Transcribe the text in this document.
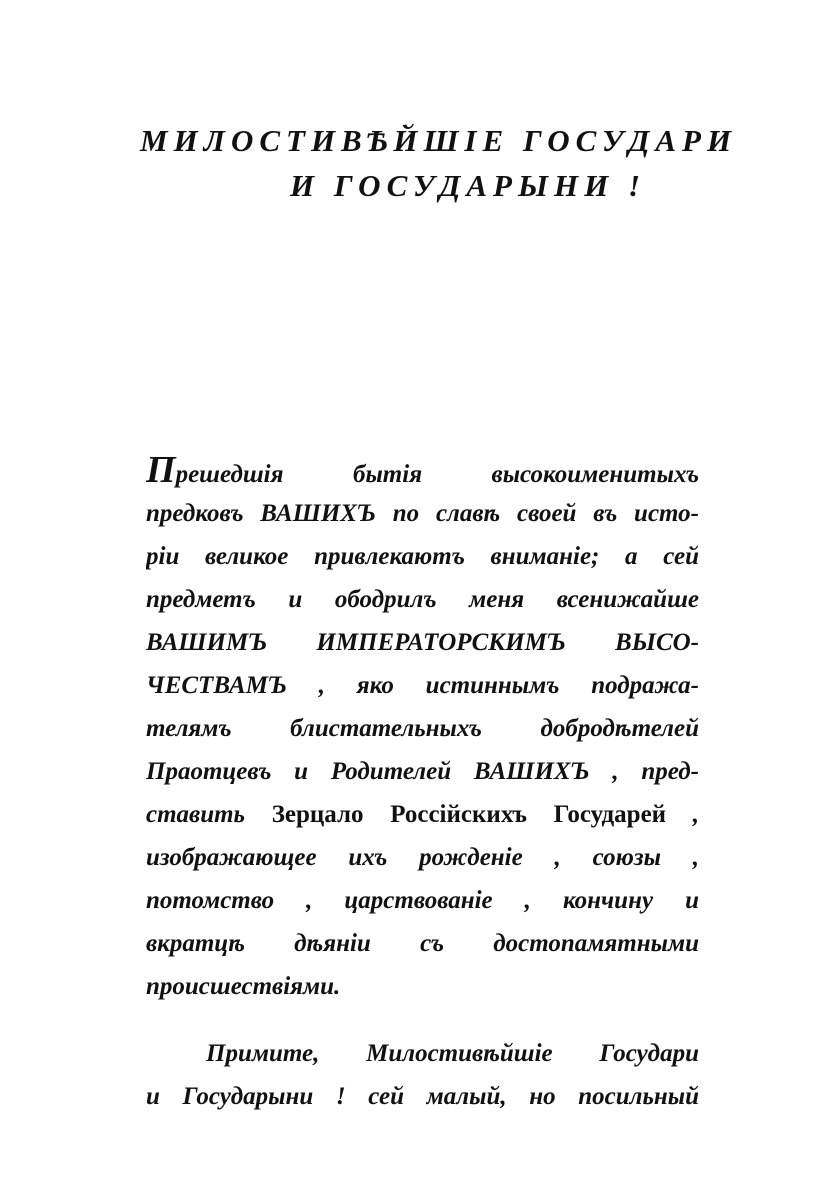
МИЛОСТИВѢЙШІЕ ГОСУДАРИ
И ГОСУДАРЫНИ !
Прешедшія бытія высокоименитыхъ
предковъ ВАШИХЪ по славѣ своей въ исто-
ріи великое привлекаютъ вниманіе; а сей
предметъ и ободрилъ меня всенижайше
ВАШИМЪ ИМПЕРАТОРСКИМЪ ВЫСО-
ЧЕСТВАМЪ , яко истиннымъ подража-
телямъ блистательныхъ добродѣтелей
Праотцевъ и Родителей ВАШИХЪ , пред-
ставить Зерцало Россійскихъ Государей ,
изображающее ихъ рожденіе , союзы ,
потомство , царствованіе , кончину и
вкратцѣ дѣяніи съ достопамятными
происшествіями.
Примите, Милостивѣйшіе Государи
и Государыни ! сей малый, но посильный
